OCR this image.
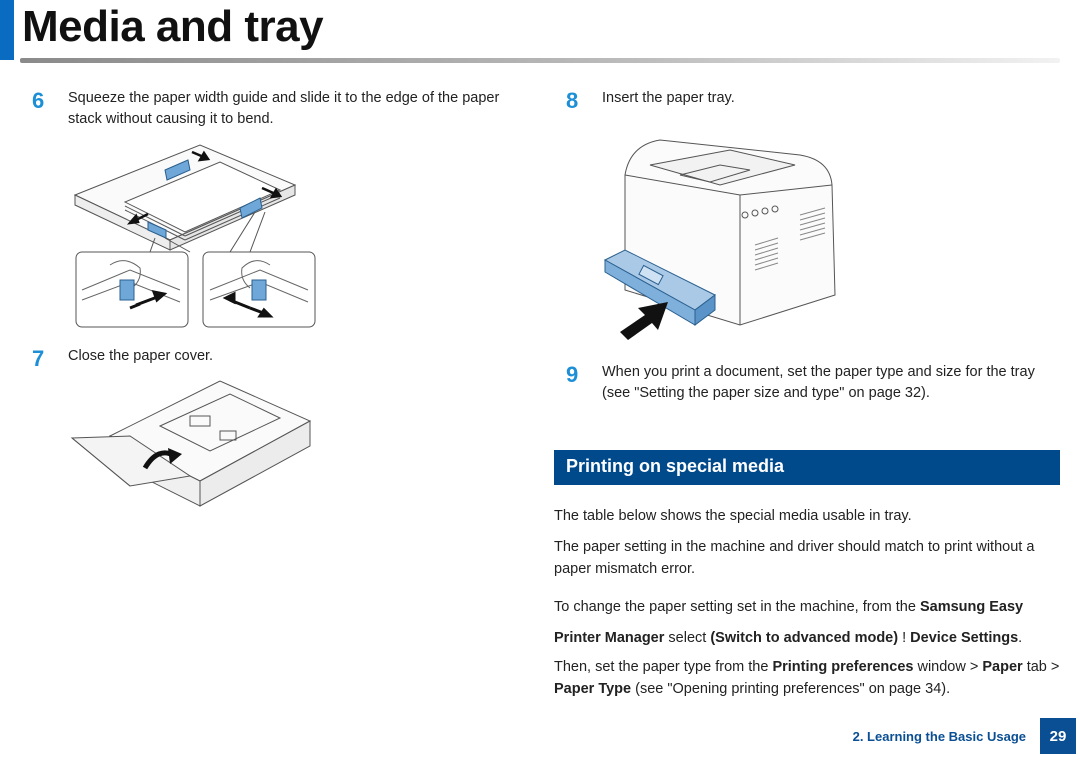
Media and tray
6	Squeeze the paper width guide and slide it to the edge of the paper stack without causing it to bend.
7	Close the paper cover.
8	Insert the paper tray.
9	When you print a document, set the paper type and size for the tray (see "Setting the paper size and type" on page 32).
Printing on special media

The table below shows the special media usable in tray.

The paper setting in the machine and driver should match to print without a paper mismatch error.

To change the paper setting set in the machine, from the Samsung Easy Printer Manager select (Switch to advanced mode) ! Device Settings.

Then, set the paper type from the Printing preferences window > Paper tab > Paper Type (see "Opening printing preferences" on page 34).

2. Learning the Basic Usage	29
